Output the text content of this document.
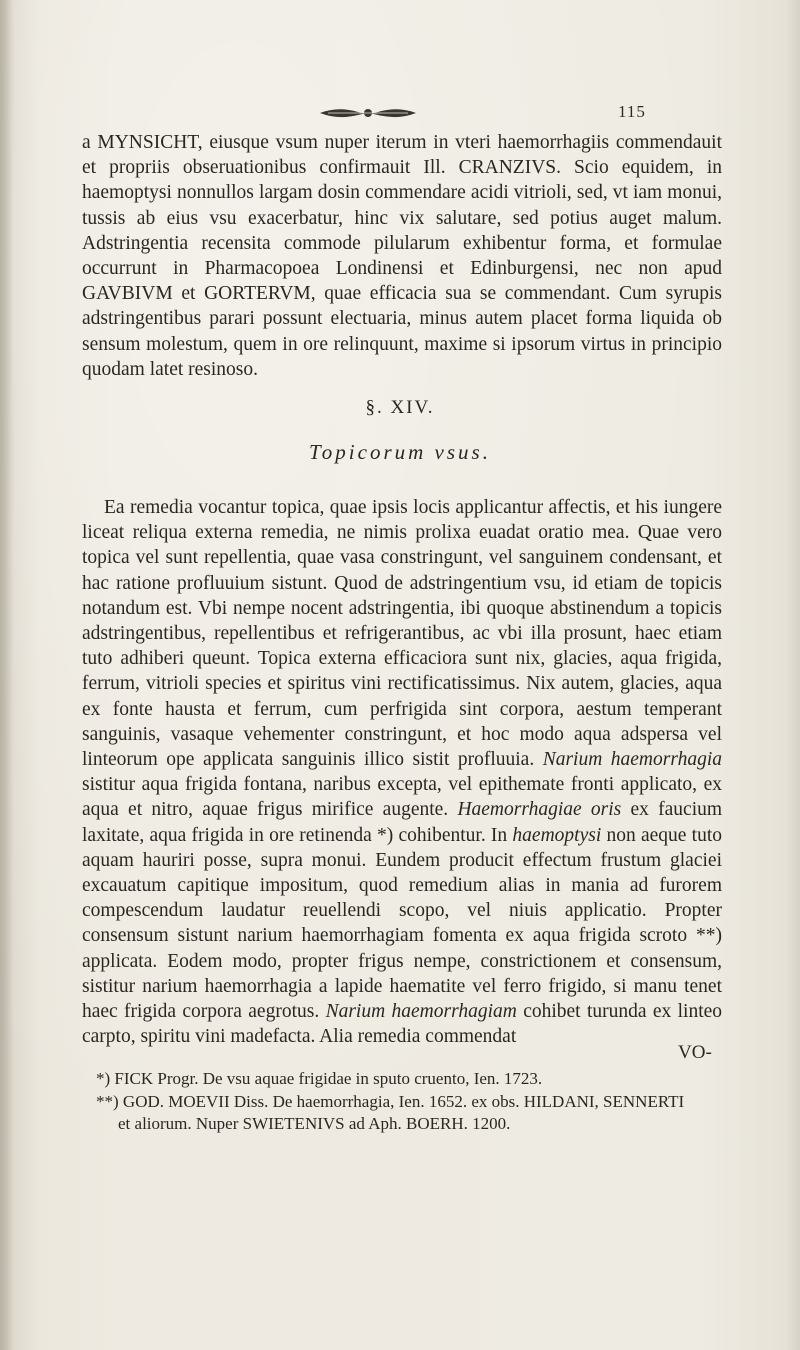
115
a MYNSICHT, eiusque vsum nuper iterum in vteri haemorrhagiis commendauit et propriis obseruationibus confirmauit Ill. CRANZIVS. Scio equidem, in haemoptysi nonnullos largam dosin commendare acidi vitrioli, sed, vt iam monui, tussis ab eius vsu exacerbatur, hinc vix salutare, sed potius auget malum. Adstringentia recensita commode pilularum exhibentur forma, et formulae occurrunt in Pharmacopoea Londinensi et Edinburgensi, nec non apud GAVBIVM et GORTERVM, quae efficacia sua se commendant. Cum syrupis adstringentibus parari possunt electuaria, minus autem placet forma liquida ob sensum molestum, quem in ore relinquunt, maxime si ipsorum virtus in principio quodam latet resinoso.
§. XIV.
Topicorum vsus.
Ea remedia vocantur topica, quae ipsis locis applicantur affectis, et his iungere liceat reliqua externa remedia, ne nimis prolixa euadat oratio mea. Quae vero topica vel sunt repellentia, quae vasa constringunt, vel sanguinem condensant, et hac ratione profluuium sistunt. Quod de adstringentium vsu, id etiam de topicis notandum est. Vbi nempe nocent adstringentia, ibi quoque abstinendum a topicis adstringentibus, repellentibus et refrigerantibus, ac vbi illa prosunt, haec etiam tuto adhiberi queunt. Topica externa efficaciora sunt nix, glacies, aqua frigida, ferrum, vitrioli species et spiritus vini rectificatissimus. Nix autem, glacies, aqua ex fonte hausta et ferrum, cum perfrigida sint corpora, aestum temperant sanguinis, vasaque vehementer constringunt, et hoc modo aqua adspersa vel linteorum ope applicata sanguinis illico sistit profluuia. Narium haemorrhagia sistitur aqua frigida fontana, naribus excepta, vel epithemate fronti applicato, ex aqua et nitro, aquae frigus mirifice augente. Haemorrhagiae oris ex faucium laxitate, aqua frigida in ore retinenda *) cohibentur. In haemoptysi non aeque tuto aquam hauriri posse, supra monui. Eundem producit effectum frustum glaciei excauatum capitique impositum, quod remedium alias in mania ad furorem compescendum laudatur reuellendi scopo, vel niuis applicatio. Propter consensum sistunt narium haemorrhagiam fomenta ex aqua frigida scroto **) applicata. Eodem modo, propter frigus nempe, constrictionem et consensum, sistitur narium haemorrhagia a lapide haematite vel ferro frigido, si manu tenet haec frigida corpora aegrotus. Narium haemorrhagiam cohibet turunda ex linteo carpto, spiritu vini madefacta. Alia remedia commendat
VO-
*) FICK Progr. De vsu aquae frigidae in sputo cruento, Ien. 1723.
**) GOD. MOEVII Diss. De haemorrhagia, Ien. 1652. ex obs. HILDANI, SENNERTI
et aliorum. Nuper SWIETENIVS ad Aph. BOERH. 1200.
